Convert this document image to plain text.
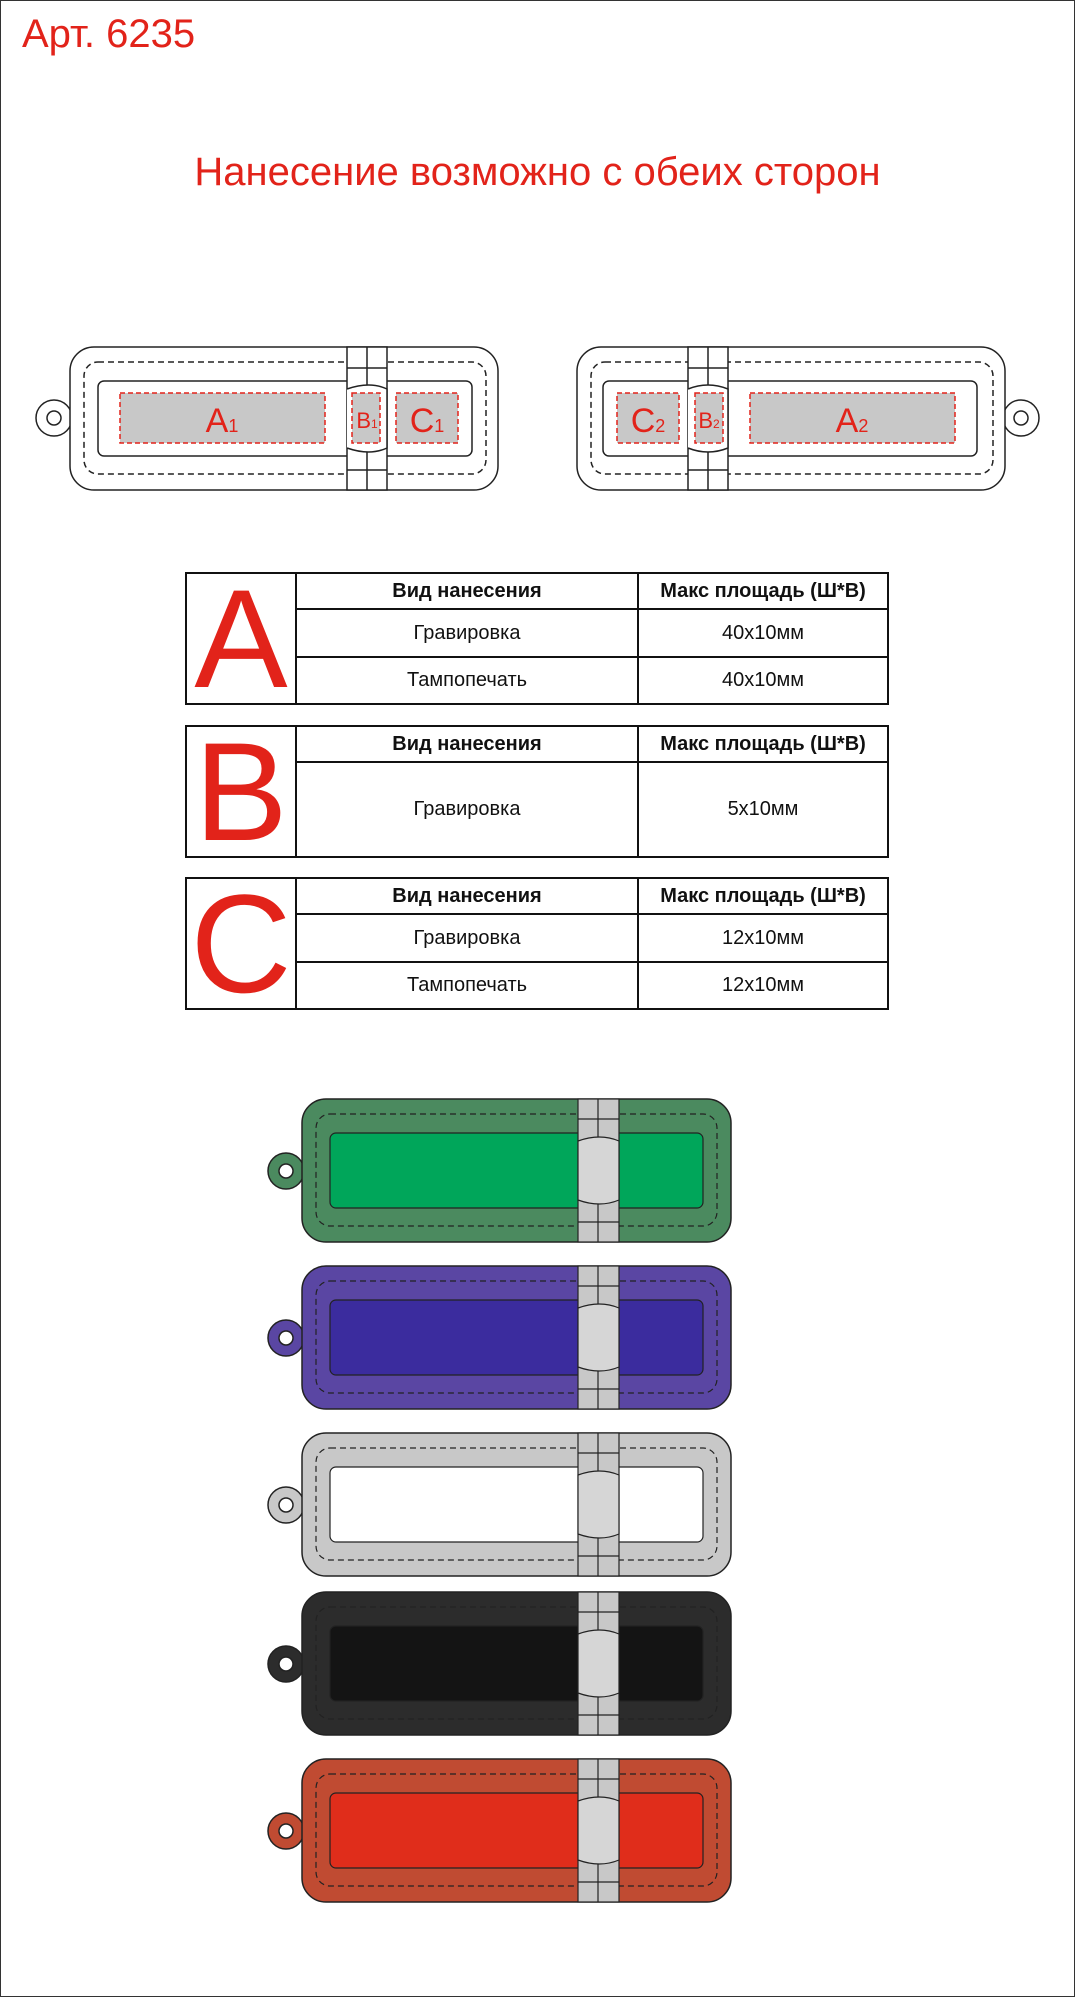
Арт. 6235
Нанесение возможно с обеих сторон
A1	B1 C1	C2 B2	A2
A	Вид нанесения	Макс площадь (Ш*В)
Гравировка	40х10мм
Тампопечать	40х10мм
B	Вид нанесения	Макс площадь (Ш*В)
Гравировка	5х10мм
C	Вид нанесения	Макс площадь (Ш*В)
Гравировка	12х10мм
Тампопечать	12х10мм
